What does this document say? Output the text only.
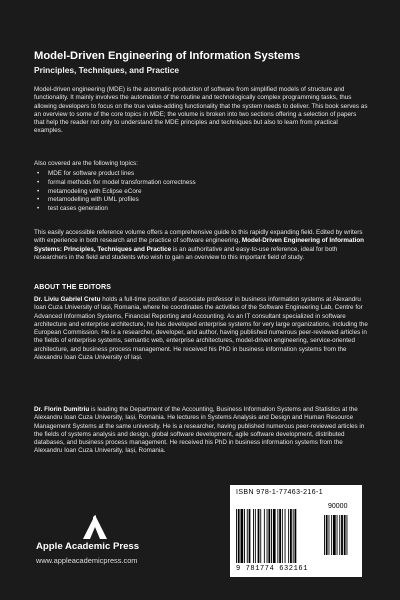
Model-Driven Engineering of Information Systems
Principles, Techniques, and Practice

Model-driven engineering (MDE) is the automatic production of software from simplified models of structure and functionality. It mainly involves the automation of the routine and technologically complex programming tasks, thus allowing developers to focus on the true value-adding functionality that the system needs to deliver. This book serves as an overview to some of the core topics in MDE; the volume is broken into two sections offering a selection of papers that help the reader not only to understand the MDE principles and techniques but also to learn from practical examples.

Also covered are the following topics:

• MDE for software product lines
• formal methods for model transformation correctness
• metamodeling with Eclipse eCore
• metamodelling with UML profiles
• test cases generation

This easily accessible reference volume offers a comprehensive guide to this rapidly expanding field. Edited by writers with experience in both research and the practice of software engineering, Model-Driven Engineering of Information Systems: Principles, Techniques and Practice is an authoritative and easy-to-use reference, ideal for both researchers in the field and students who wish to gain an overview to this important field of study.

ABOUT THE EDITORS

Dr. Liviu Gabriel Cretu holds a full-time position of associate professor in business information systems at Alexandru Ioan Cuza University of Iași, Romania, where he coordinates the activities of the Software Engineering Lab, Centre for Advanced Information Systems, Financial Reporting and Accounting. As an IT consultant specialized in software architecture and enterprise architecture, he has developed enterprise systems for very large organizations, including the European Commission. He is a researcher, developer, and author, having published numerous peer-reviewed articles in the fields of enterprise systems, semantic web, enterprise architectures, model-driven engineering, service-oriented architecture, and business process management. He received his PhD in business information systems from the Alexandru Ioan Cuza University of Iași.

Dr. Florin Dumitriu is leading the Department of the Accounting, Business Information Systems and Statistics at the Alexandru Ioan Cuza University, Iași, Romania. He lectures in Systems Analysis and Design and Human Resource Management Systems at the same university. He is a researcher, having published numerous peer-reviewed articles in the fields of systems analysis and design, global software development, agile software development, distributed databases, and business process management. He received his PhD in business information systems from the Alexandru Ioan Cuza University, Iași, Romania.

Apple Academic Press
www.appleacademicpress.com
ISBN 978-1-77463-216-1
90000
9 781774 632161
